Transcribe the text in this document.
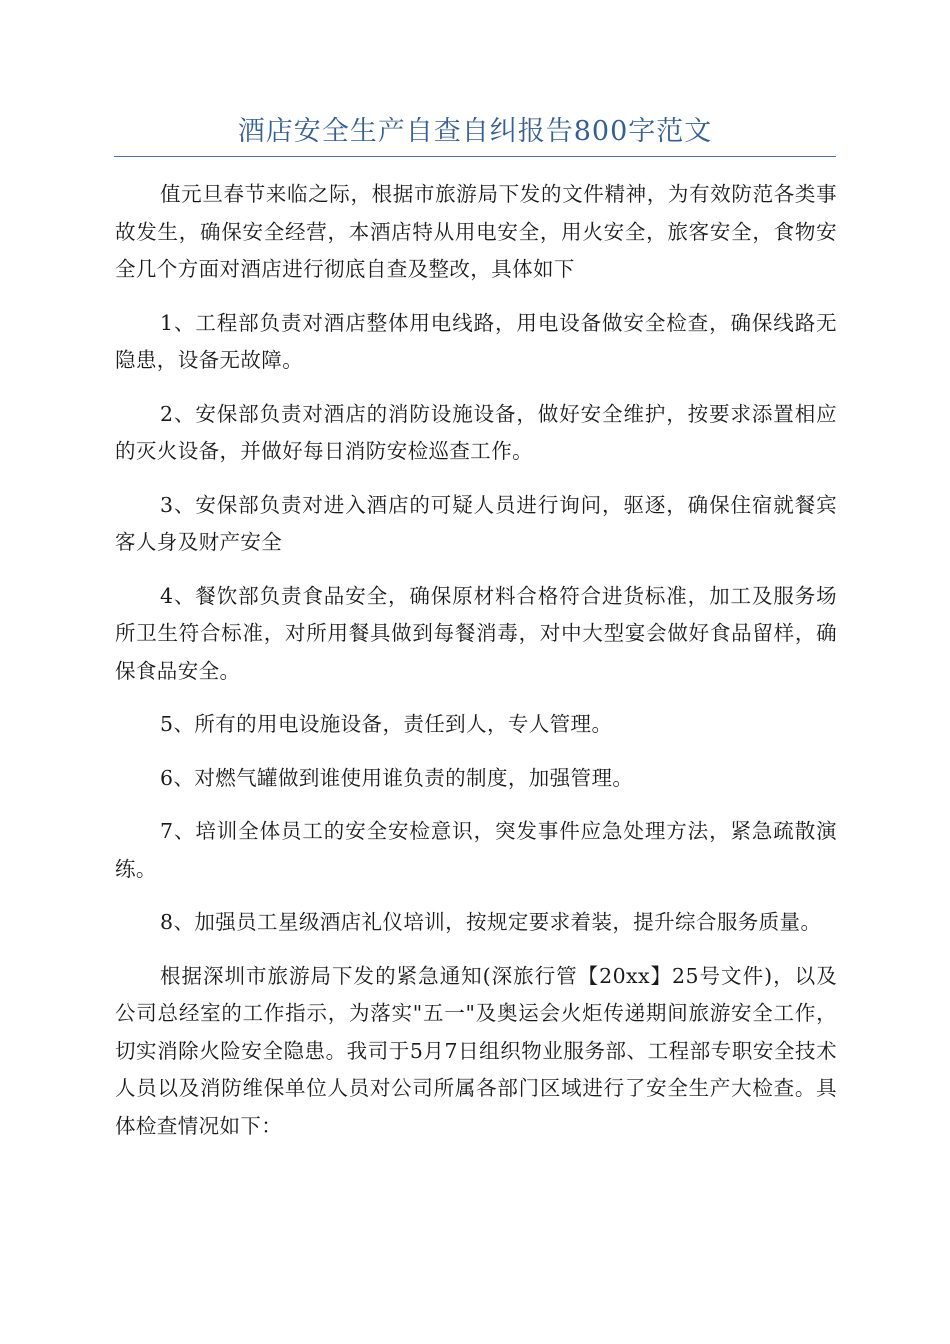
酒店安全生产自查自纠报告800字范文

值元旦春节来临之际，根据市旅游局下发的文件精神，为有效防范各类事故发生，确保安全经营，本酒店特从用电安全，用火安全，旅客安全，食物安全几个方面对酒店进行彻底自查及整改，具体如下

1、工程部负责对酒店整体用电线路，用电设备做安全检查，确保线路无隐患，设备无故障。

2、安保部负责对酒店的消防设施设备，做好安全维护，按要求添置相应的灭火设备，并做好每日消防安检巡查工作。

3、安保部负责对进入酒店的可疑人员进行询问，驱逐，确保住宿就餐宾客人身及财产安全

4、餐饮部负责食品安全，确保原材料合格符合进货标准，加工及服务场所卫生符合标准，对所用餐具做到每餐消毒，对中大型宴会做好食品留样，确保食品安全。

5、所有的用电设施设备，责任到人，专人管理。

6、对燃气罐做到谁使用谁负责的制度，加强管理。

7、培训全体员工的安全安检意识，突发事件应急处理方法，紧急疏散演练。

8、加强员工星级酒店礼仪培训，按规定要求着装，提升综合服务质量。

根据深圳市旅游局下发的紧急通知(深旅行管【20xx】25号文件)，以及公司总经室的工作指示，为落实"五一"及奥运会火炬传递期间旅游安全工作，切实消除火险安全隐患。我司于5月7日组织物业服务部、工程部专职安全技术人员以及消防维保单位人员对公司所属各部门区域进行了安全生产大检查。具体检查情况如下：
